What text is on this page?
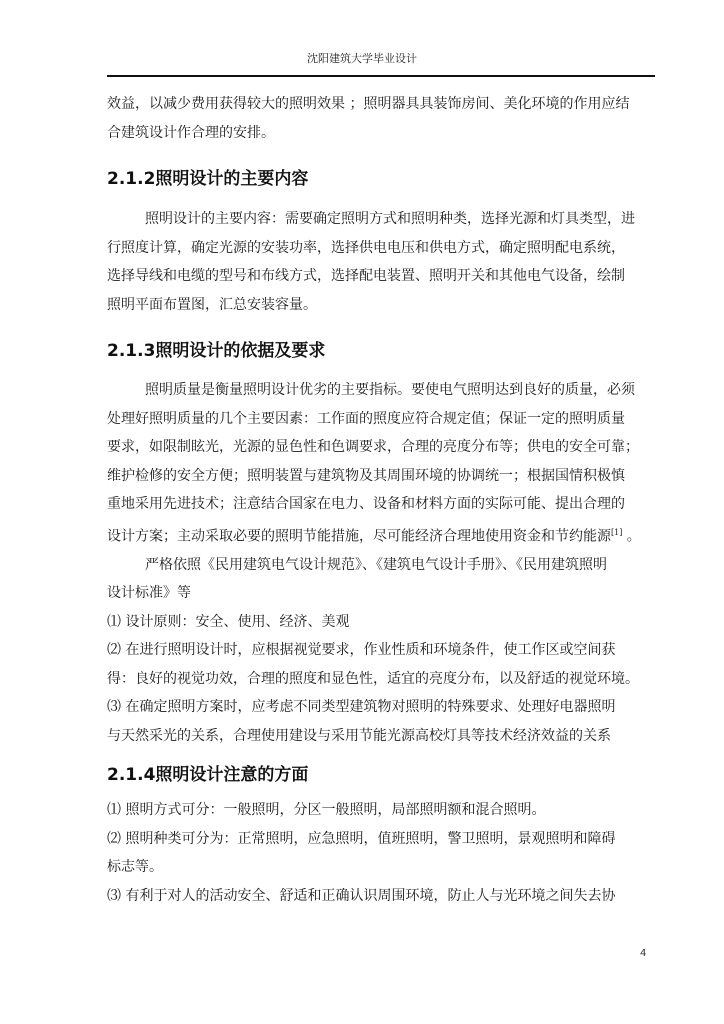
沈阳建筑大学毕业设计
效益，以减少费用获得较大的照明效果 ；照明器具具装饰房间、美化环境的作用应结
合建筑设计作合理的安排。
2.1.2照明设计的主要内容
照明设计的主要内容：需要确定照明方式和照明种类，选择光源和灯具类型，进
行照度计算，确定光源的安装功率，选择供电电压和供电方式，确定照明配电系统，
选择导线和电缆的型号和布线方式，选择配电装置、照明开关和其他电气设备，绘制
照明平面布置图，汇总安装容量。
2.1.3照明设计的依据及要求
照明质量是衡量照明设计优劣的主要指标。要使电气照明达到良好的质量，必须
处理好照明质量的几个主要因素：工作面的照度应符合规定值；保证一定的照明质量
要求，如限制眩光，光源的显色性和色调要求，合理的亮度分布等；供电的安全可靠；
维护检修的安全方便；照明装置与建筑物及其周围环境的协调统一；根据国情积极慎
重地采用先进技术；注意结合国家在电力、设备和材料方面的实际可能、提出合理的
设计方案；主动采取必要的照明节能措施，尽可能经济合理地使用资金和节约能源[1] 。
严格依照《民用建筑电气设计规范》、《建筑电气设计手册》、《民用建筑照明
设计标准》等
⑴ 设计原则：安全、使用、经济、美观
⑵ 在进行照明设计时，应根据视觉要求，作业性质和环境条件，使工作区或空间获
得：良好的视觉功效，合理的照度和显色性，适宜的亮度分布，以及舒适的视觉环境。
⑶ 在确定照明方案时，应考虑不同类型建筑物对照明的特殊要求、处理好电器照明
与天然采光的关系，合理使用建设与采用节能光源高校灯具等技术经济效益的关系
2.1.4照明设计注意的方面
⑴ 照明方式可分：一般照明，分区一般照明，局部照明额和混合照明。
⑵ 照明种类可分为：正常照明，应急照明，值班照明，警卫照明，景观照明和障碍
标志等。
⑶ 有利于对人的活动安全、舒适和正确认识周围环境，防止人与光环境之间失去协
4
